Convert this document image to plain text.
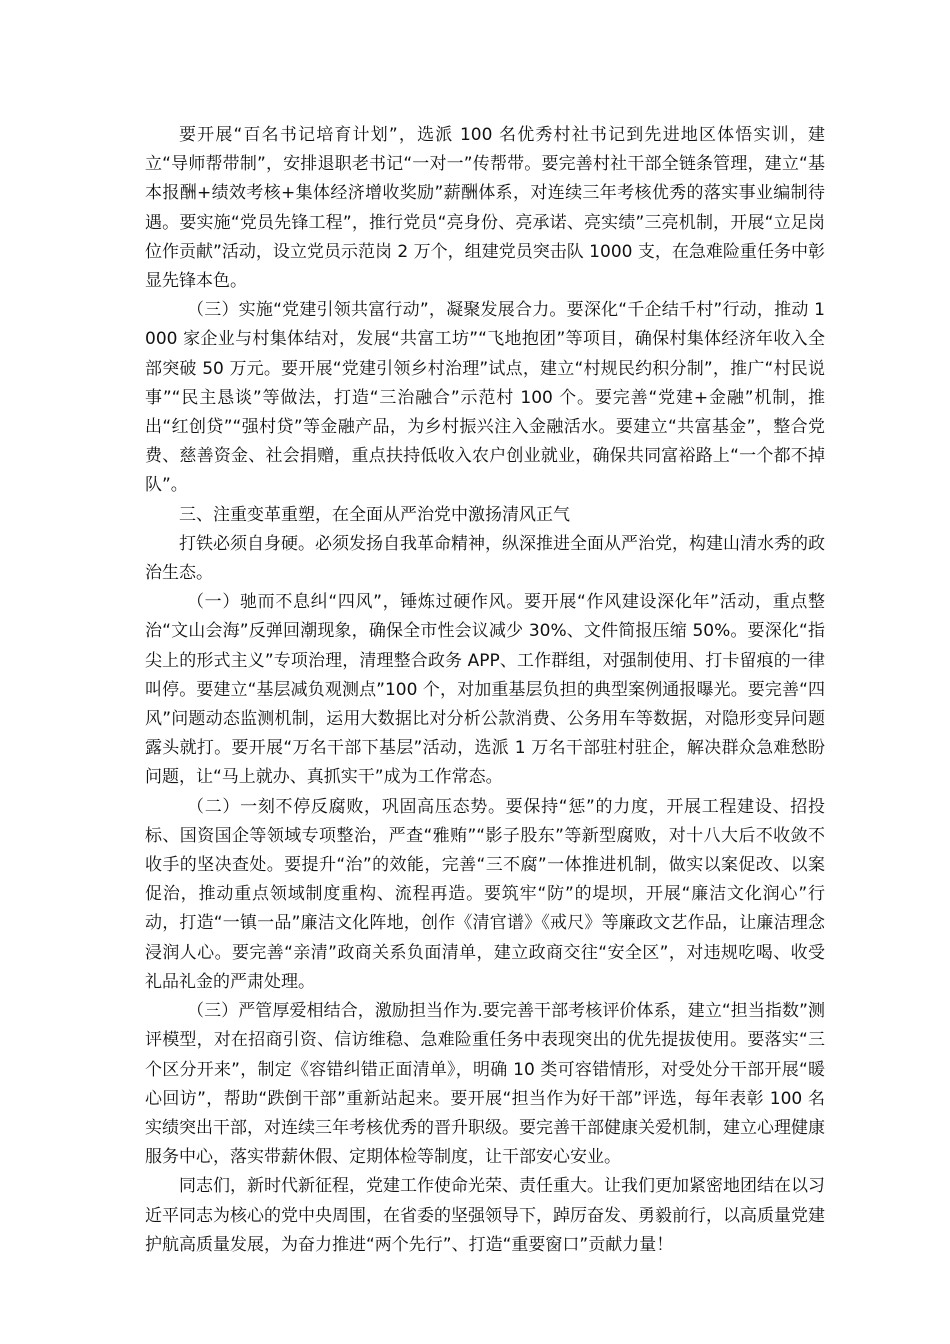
要开展“百名书记培育计划”，选派 100 名优秀村社书记到先进地区体悟实训，建立“导师帮带制”，安排退职老书记“一对一”传帮带。要完善村社干部全链条管理，建立“基本报酬+绩效考核+集体经济增收奖励”薪酬体系，对连续三年考核优秀的落实事业编制待遇。要实施“党员先锋工程”，推行党员“亮身份、亮承诺、亮实绩”三亮机制，开展“立足岗位作贡献”活动，设立党员示范岗 2 万个，组建党员突击队 1000 支，在急难险重任务中彰显先锋本色。

（三）实施“党建引领共富行动”，凝聚发展合力。要深化“千企结千村”行动，推动 1000 家企业与村集体结对，发展“共富工坊”“飞地抱团”等项目，确保村集体经济年收入全部突破 50 万元。要开展“党建引领乡村治理”试点，建立“村规民约积分制”，推广“村民说事”“民主恳谈”等做法，打造“三治融合”示范村 100 个。要完善“党建+金融”机制，推出“红创贷”“强村贷”等金融产品，为乡村振兴注入金融活水。要建立“共富基金”，整合党费、慈善资金、社会捐赠，重点扶持低收入农户创业就业，确保共同富裕路上“一个都不掉队”。

三、注重变革重塑，在全面从严治党中激扬清风正气

打铁必须自身硬。必须发扬自我革命精神，纵深推进全面从严治党，构建山清水秀的政治生态。

（一）驰而不息纠“四风”，锤炼过硬作风。要开展“作风建设深化年”活动，重点整治“文山会海”反弹回潮现象，确保全市性会议减少 30%、文件简报压缩 50%。要深化“指尖上的形式主义”专项治理，清理整合政务 APP、工作群组，对强制使用、打卡留痕的一律叫停。要建立“基层减负观测点”100 个，对加重基层负担的典型案例通报曝光。要完善“四风”问题动态监测机制，运用大数据比对分析公款消费、公务用车等数据，对隐形变异问题露头就打。要开展“万名干部下基层”活动，选派 1 万名干部驻村驻企，解决群众急难愁盼问题，让“马上就办、真抓实干”成为工作常态。

（二）一刻不停反腐败，巩固高压态势。要保持“惩”的力度，开展工程建设、招投标、国资国企等领域专项整治，严查“雅贿”“影子股东”等新型腐败，对十八大后不收敛不收手的坚决查处。要提升“治”的效能，完善“三不腐”一体推进机制，做实以案促改、以案促治，推动重点领域制度重构、流程再造。要筑牢“防”的堤坝，开展“廉洁文化润心”行动，打造“一镇一品”廉洁文化阵地，创作《清官谱》《戒尺》等廉政文艺作品，让廉洁理念浸润人心。要完善“亲清”政商关系负面清单，建立政商交往“安全区”，对违规吃喝、收受礼品礼金的严肃处理。

（三）严管厚爱相结合，激励担当作为.要完善干部考核评价体系，建立“担当指数”测评模型，对在招商引资、信访维稳、急难险重任务中表现突出的优先提拔使用。要落实“三个区分开来”，制定《容错纠错正面清单》，明确 10 类可容错情形，对受处分干部开展“暖心回访”，帮助“跌倒干部”重新站起来。要开展“担当作为好干部”评选，每年表彰 100 名实绩突出干部，对连续三年考核优秀的晋升职级。要完善干部健康关爱机制，建立心理健康服务中心，落实带薪休假、定期体检等制度，让干部安心安业。

同志们，新时代新征程，党建工作使命光荣、责任重大。让我们更加紧密地团结在以习近平同志为核心的党中央周围，在省委的坚强领导下，踔厉奋发、勇毅前行，以高质量党建护航高质量发展，为奋力推进“两个先行”、打造“重要窗口”贡献力量！
